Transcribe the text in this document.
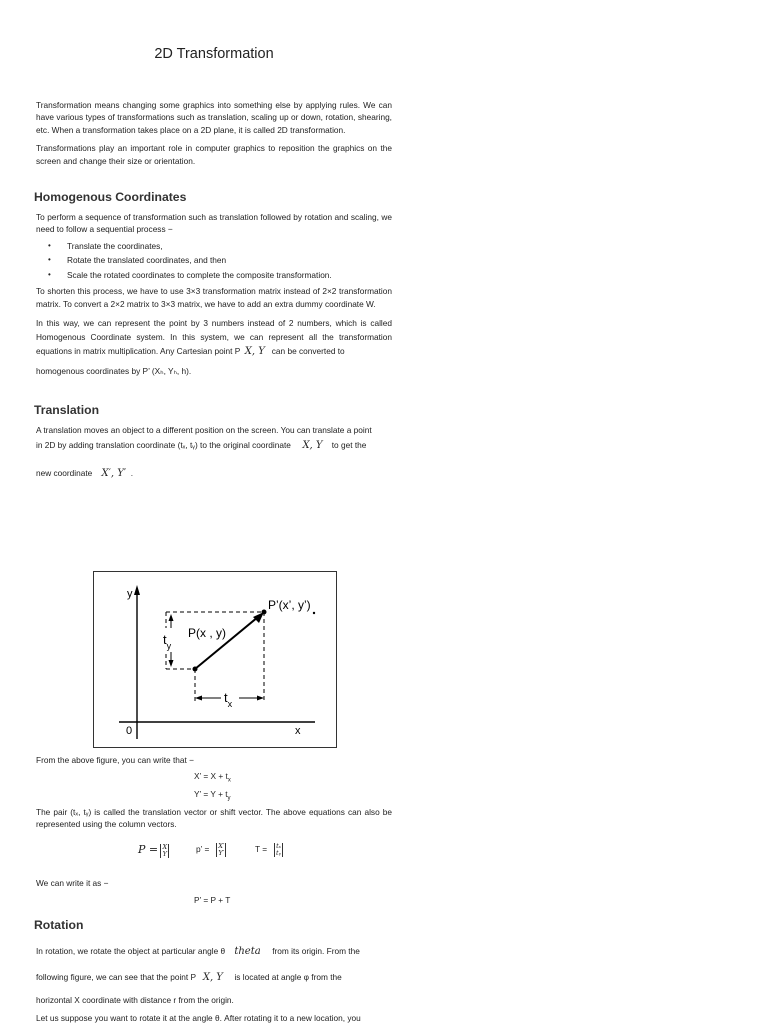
2D Transformation

Transformation means changing some graphics into something else by applying rules. We can have various types of transformations such as translation, scaling up or down, rotation, shearing, etc. When a transformation takes place on a 2D plane, it is called 2D transformation.

Transformations play an important role in computer graphics to reposition the graphics on the screen and change their size or orientation.

Homogenous Coordinates

To perform a sequence of transformation such as translation followed by rotation and scaling, we need to follow a sequential process −

• Translate the coordinates,
• Rotate the translated coordinates, and then
• Scale the rotated coordinates to complete the composite transformation.

To shorten this process, we have to use 3×3 transformation matrix instead of 2×2 transformation matrix. To convert a 2×2 matrix to 3×3 matrix, we have to add an extra dummy coordinate W.

In this way, we can represent the point by 3 numbers instead of 2 numbers, which is called Homogenous Coordinate system. In this system, we can represent all the transformation equations in matrix multiplication. Any Cartesian point P X, Y can be converted to

homogenous coordinates by P’ (Xₕ, Yₕ, h).

Translation
A translation moves an object to a different position on the screen. You can translate a point
in 2D by adding translation coordinate (tₓ, tᵧ) to the original coordinate X, Y to get the
new coordinate X′, Y′ .
y
x
0
$t_y$
$t_x$
P(x , y)
P’(x’, y’)
From the above figure, you can write that −
X’ = $X + t_x$
Y’ = $Y + t_y$

The pair (tₓ, tᵧ) is called the translation vector or shift vector. The above equations can also be represented using the column vectors.

P = X
Y	p’ = X′
Y′	T = tₓ
tᵧ
We can write it as −
P’ = P + T
Rotation
In rotation, we rotate the object at particular angle θ theta from its origin. From the
following figure, we can see that the point P X, Y is located at angle φ from the
horizontal X coordinate with distance r from the origin.
Let us suppose you want to rotate it at the angle θ. After rotating it to a new location, you
